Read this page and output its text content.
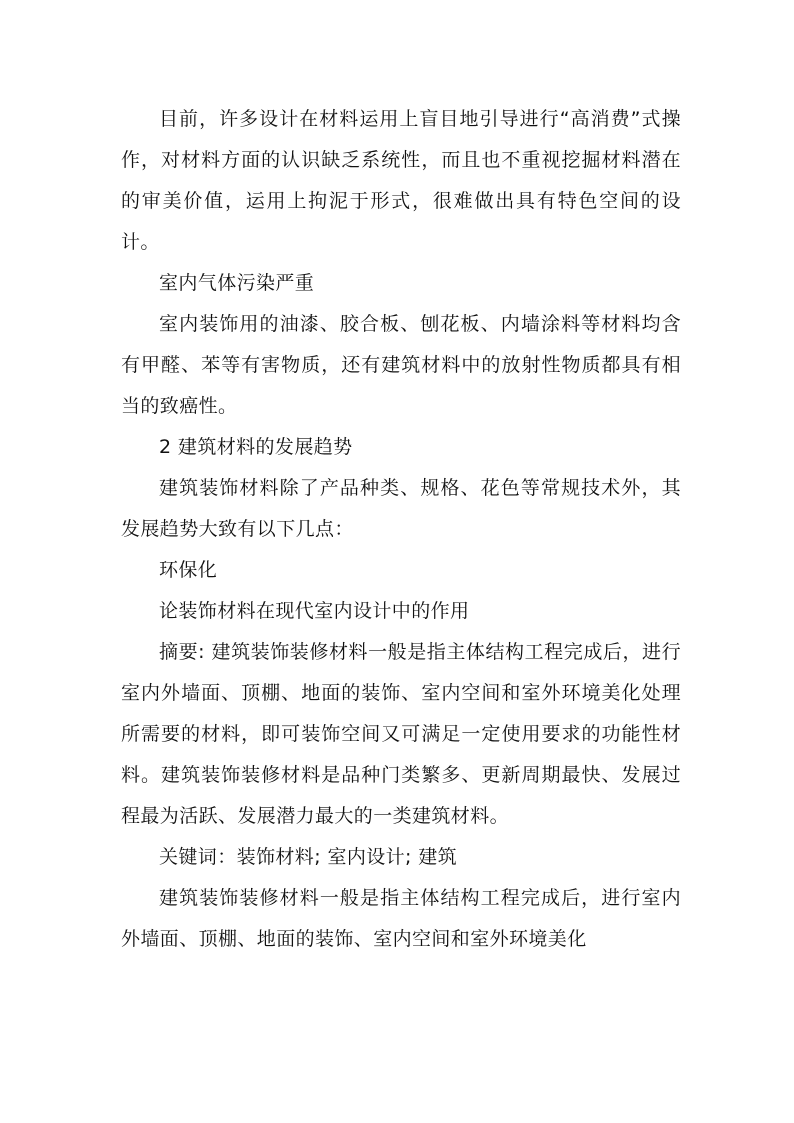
目前，许多设计在材料运用上盲目地引导进行“高消费”式操作，对材料方面的认识缺乏系统性，而且也不重视挖掘材料潜在的审美价值，运用上拘泥于形式，很难做出具有特色空间的设计。

室内气体污染严重

室内装饰用的油漆、胶合板、刨花板、内墙涂料等材料均含有甲醛、苯等有害物质，还有建筑材料中的放射性物质都具有相当的致癌性。

2 建筑材料的发展趋势

建筑装饰材料除了产品种类、规格、花色等常规技术外，其发展趋势大致有以下几点：

环保化

论装饰材料在现代室内设计中的作用

摘要: 建筑装饰装修材料一般是指主体结构工程完成后，进行室内外墙面、顶棚、地面的装饰、室内空间和室外环境美化处理所需要的材料，即可装饰空间又可满足一定使用要求的功能性材料。建筑装饰装修材料是品种门类繁多、更新周期最快、发展过程最为活跃、发展潜力最大的一类建筑材料。

关键词：装饰材料; 室内设计; 建筑

建筑装饰装修材料一般是指主体结构工程完成后，进行室内外墙面、顶棚、地面的装饰、室内空间和室外环境美化
